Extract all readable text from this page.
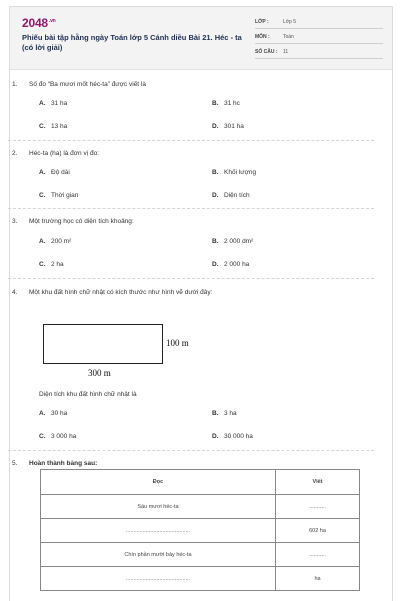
$2048^{.vn}$
Phiếu bài tập hằng ngày Toán lớp 5 Cánh diều Bài 21. Héc - ta (có lời giải)
LỚP :	Lớp 5
MÔN :	Toán
SỐ CÂU : 11
1. Số đo “Ba mươi mốt héc-ta” được viết là
A. 31 ha	B. 31 hc
C. 13 ha	D. 301 ha
2. Héc-ta (ha) là đơn vị đo:
A. Độ dài	B. Khối lượng
C. Thời gian	D. Diện tích
3. Một trường học có diện tích khoảng:
A. 200 m²	B. 2 000 dm²
C. 2 ha	D. 2 000 ha
4. Một khu đất hình chữ nhật có kích thước như hình vẽ dưới đây:
100 m
300 m
Diện tích khu đất hình chữ nhật là
A. 30 ha	B. 3 ha
C. 3 000 ha	D. 30 000 ha
5. Hoàn thành bảng sau:
Đọc	Viết
Sáu mươi héc-ta	...........
..........................................	602 ha
Chín phần mười bảy héc-ta	...........
..........................................	ha
